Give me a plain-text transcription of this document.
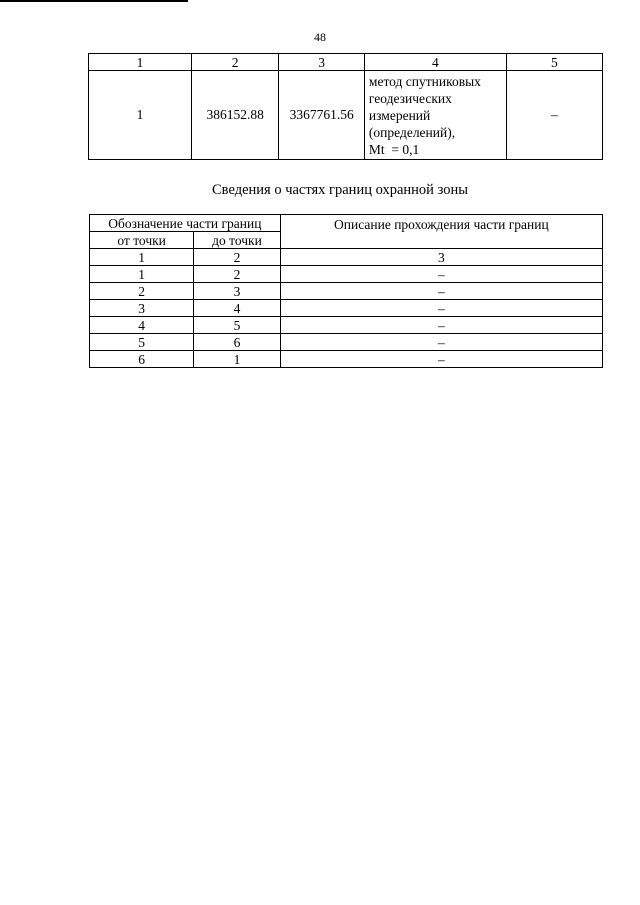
48
1	2	3	4	5
1	386152.88	3367761.56	метод спутниковых
геодезических
измерений
(определений),
Mt  = 0,1	–
Сведения о частях границ охранной зоны
Обозначение части границ		Описание прохождения части границ
от точки	до точки	
1	2	3
1	2	–
2	3	–
3	4	–
4	5	–
5	6	–
6	1	–
